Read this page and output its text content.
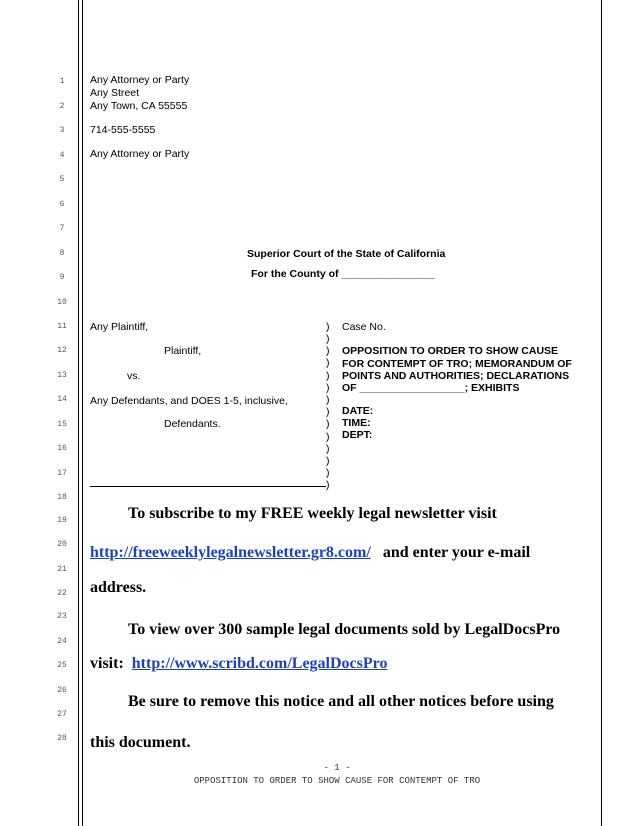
1
2
3
4
5
6
7
8
9
10
11
12
13
14
15
16
17
18
19
20
21
22
23
24
25
26
27
28
Any Attorney or Party
Any Street
Any Town, CA 55555
714-555-5555
Any Attorney or Party
Superior Court of the State of California
For the County of ________________
Any Plaintiff,
Plaintiff,
vs.
Any Defendants, and DOES 1-5, inclusive,
Defendants.
)
)
)
)
)
)
)
)
)
)
)
)
)
)
Case No.
OPPOSITION TO ORDER TO SHOW CAUSE
FOR CONTEMPT OF TRO; MEMORANDUM OF
POINTS AND AUTHORITIES; DECLARATIONS
OF __________________; EXHIBITS
DATE:
TIME:
DEPT:
To subscribe to my FREE weekly legal newsletter visit
http://freeweeklylegalnewsletter.gr8.com/ and enter your e-mail
address.
To view over 300 sample legal documents sold by LegalDocsPro
visit: http://www.scribd.com/LegalDocsPro
Be sure to remove this notice and all other notices before using
this document.
- 1 -
OPPOSITION TO ORDER TO SHOW CAUSE FOR CONTEMPT OF TRO
